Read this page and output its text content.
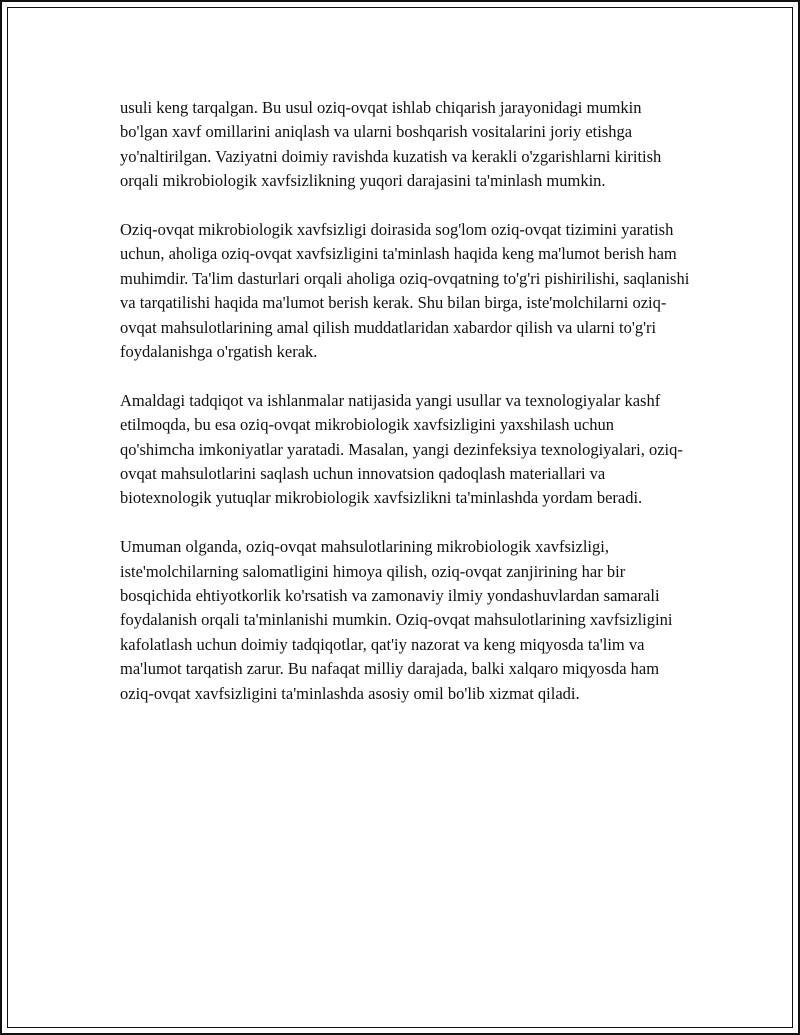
usuli keng tarqalgan. Bu usul oziq-ovqat ishlab chiqarish jarayonidagi mumkin bo'lgan xavf omillarini aniqlash va ularni boshqarish vositalarini joriy etishga yo'naltirilgan. Vaziyatni doimiy ravishda kuzatish va kerakli o'zgarishlarni kiritish orqali mikrobiologik xavfsizlikning yuqori darajasini ta'minlash mumkin.

Oziq-ovqat mikrobiologik xavfsizligi doirasida sog'lom oziq-ovqat tizimini yaratish uchun, aholiga oziq-ovqat xavfsizligini ta'minlash haqida keng ma'lumot berish ham muhimdir. Ta'lim dasturlari orqali aholiga oziq-ovqatning to'g'ri pishirilishi, saqlanishi va tarqatilishi haqida ma'lumot berish kerak. Shu bilan birga, iste'molchilarni oziq-ovqat mahsulotlarining amal qilish muddatlaridan xabardor qilish va ularni to'g'ri foydalanishga o'rgatish kerak.

Amaldagi tadqiqot va ishlanmalar natijasida yangi usullar va texnologiyalar kashf etilmoqda, bu esa oziq-ovqat mikrobiologik xavfsizligini yaxshilash uchun qo'shimcha imkoniyatlar yaratadi. Masalan, yangi dezinfeksiya texnologiyalari, oziq-ovqat mahsulotlarini saqlash uchun innovatsion qadoqlash materiallari va biotexnologik yutuqlar mikrobiologik xavfsizlikni ta'minlashda yordam beradi.

Umuman olganda, oziq-ovqat mahsulotlarining mikrobiologik xavfsizligi, iste'molchilarning salomatligini himoya qilish, oziq-ovqat zanjirining har bir bosqichida ehtiyotkorlik ko'rsatish va zamonaviy ilmiy yondashuvlardan samarali foydalanish orqali ta'minlanishi mumkin. Oziq-ovqat mahsulotlarining xavfsizligini kafolatlash uchun doimiy tadqiqotlar, qat'iy nazorat va keng miqyosda ta'lim va ma'lumot tarqatish zarur. Bu nafaqat milliy darajada, balki xalqaro miqyosda ham oziq-ovqat xavfsizligini ta'minlashda asosiy omil bo'lib xizmat qiladi.
